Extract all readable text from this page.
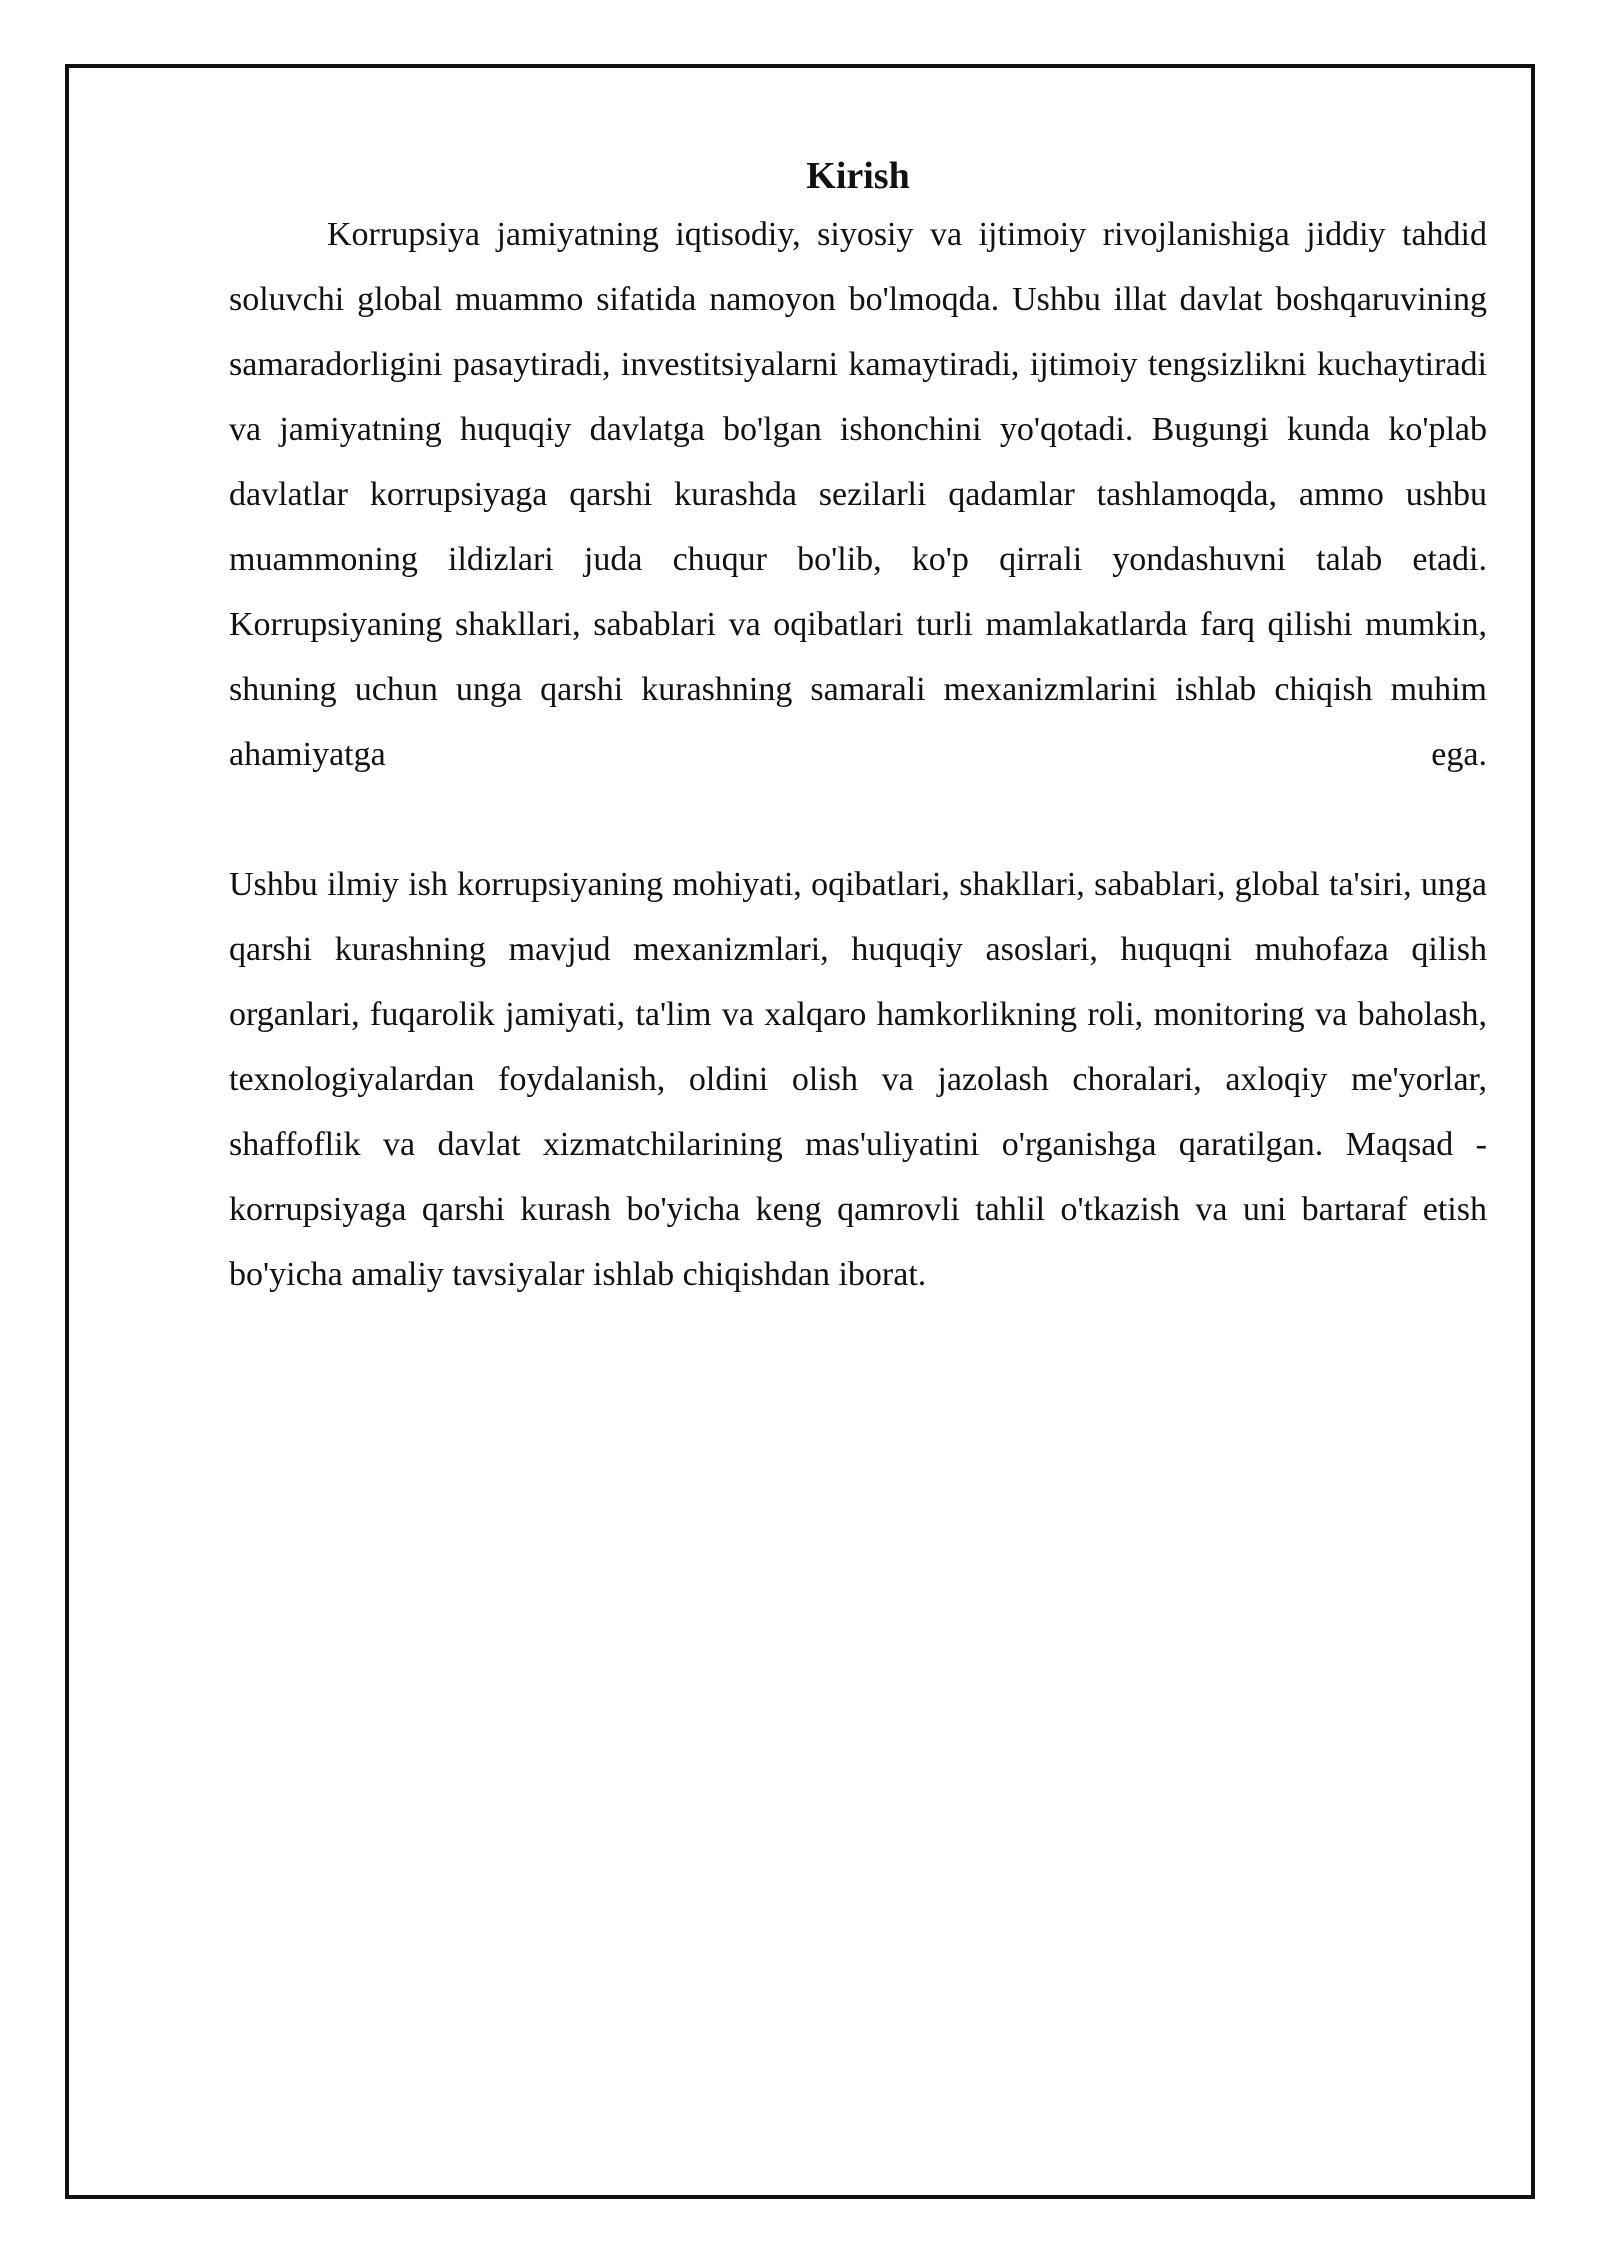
Kirish

Korrupsiya jamiyatning iqtisodiy, siyosiy va ijtimoiy rivojlanishiga jiddiy tahdid soluvchi global muammo sifatida namoyon bo'lmoqda. Ushbu illat davlat boshqaruvining samaradorligini pasaytiradi, investitsiyalarni kamaytiradi, ijtimoiy tengsizlikni kuchaytiradi va jamiyatning huquqiy davlatga bo'lgan ishonchini yo'qotadi. Bugungi kunda ko'plab davlatlar korrupsiyaga qarshi kurashda sezilarli qadamlar tashlamoqda, ammo ushbu muammoning ildizlari juda chuqur bo'lib, ko'p qirrali yondashuvni talab etadi. Korrupsiyaning shakllari, sabablari va oqibatlari turli mamlakatlarda farq qilishi mumkin, shuning uchun unga qarshi kurashning samarali mexanizmlarini ishlab chiqish muhim ahamiyatga ega.

Ushbu ilmiy ish korrupsiyaning mohiyati, oqibatlari, shakllari, sabablari, global ta'siri, unga qarshi kurashning mavjud mexanizmlari, huquqiy asoslari, huquqni muhofaza qilish organlari, fuqarolik jamiyati, ta'lim va xalqaro hamkorlikning roli, monitoring va baholash, texnologiyalardan foydalanish, oldini olish va jazolash choralari, axloqiy me'yorlar, shaffoflik va davlat xizmatchilarining mas'uliyatini o'rganishga qaratilgan. Maqsad - korrupsiyaga qarshi kurash bo'yicha keng qamrovli tahlil o'tkazish va uni bartaraf etish bo'yicha amaliy tavsiyalar ishlab chiqishdan iborat.
